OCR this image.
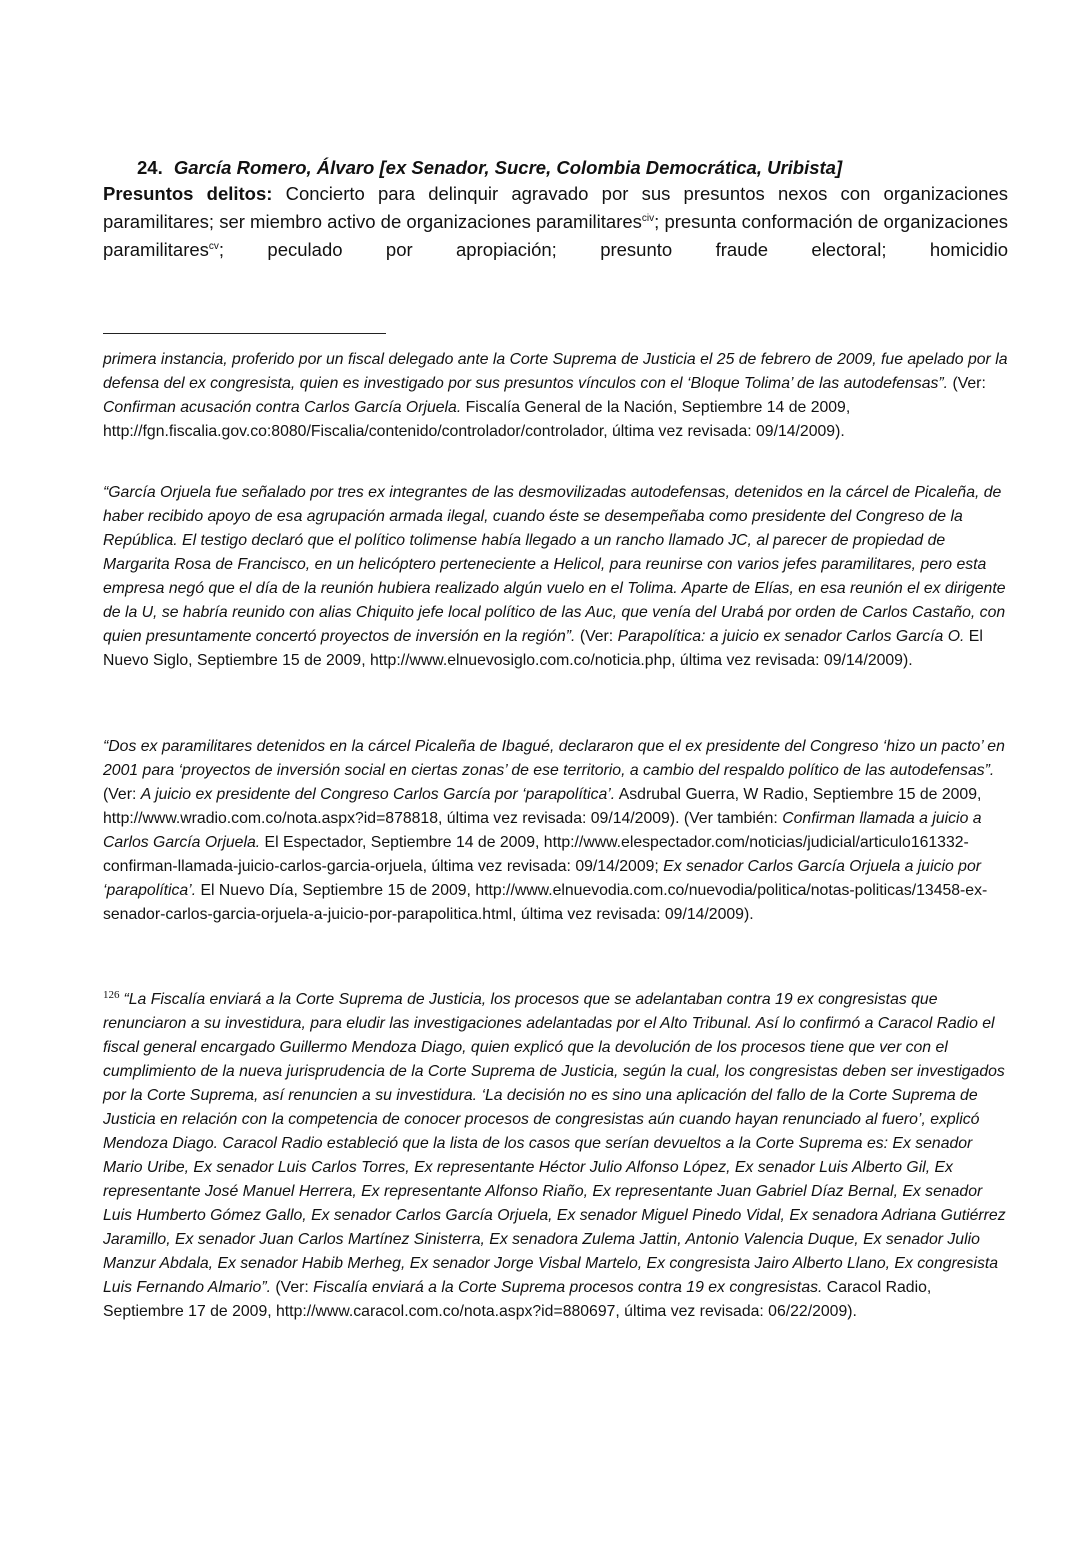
24. García Romero, Álvaro [ex Senador, Sucre, Colombia Democrática, Uribista]
Presuntos delitos: Concierto para delinquir agravado por sus presuntos nexos con organizaciones paramilitares; ser miembro activo de organizaciones paramilitares$^{civ}$; presunta conformación de organizaciones paramilitares$^{cv}$; peculado por apropiación; presunto fraude electoral; homicidio
primera instancia, proferido por un fiscal delegado ante la Corte Suprema de Justicia el 25 de febrero de 2009, fue apelado por la defensa del ex congresista, quien es investigado por sus presuntos vínculos con el ‘Bloque Tolima’ de las autodefensas”. (Ver: Confirman acusación contra Carlos García Orjuela. Fiscalía General de la Nación, Septiembre 14 de 2009, http://fgn.fiscalia.gov.co:8080/Fiscalia/contenido/controlador/controlador, última vez revisada: 09/14/2009).
“García Orjuela fue señalado por tres ex integrantes de las desmovilizadas autodefensas, detenidos en la cárcel de Picaleña, de haber recibido apoyo de esa agrupación armada ilegal, cuando éste se desempeñaba como presidente del Congreso de la República. El testigo declaró que el político tolimense había llegado a un rancho llamado JC, al parecer de propiedad de Margarita Rosa de Francisco, en un helicóptero perteneciente a Helicol, para reunirse con varios jefes paramilitares, pero esta empresa negó que el día de la reunión hubiera realizado algún vuelo en el Tolima. Aparte de Elías, en esa reunión el ex dirigente de la U, se habría reunido con alias Chiquito jefe local político de las Auc, que venía del Urabá por orden de Carlos Castaño, con quien presuntamente concertó proyectos de inversión en la región”. (Ver: Parapolítica: a juicio ex senador Carlos García O. El Nuevo Siglo, Septiembre 15 de 2009, http://www.elnuevosiglo.com.co/noticia.php, última vez revisada: 09/14/2009).
“Dos ex paramilitares detenidos en la cárcel Picaleña de Ibagué, declararon que el ex presidente del Congreso ‘hizo un pacto’ en 2001 para ‘proyectos de inversión social en ciertas zonas’ de ese territorio, a cambio del respaldo político de las autodefensas”. (Ver: A juicio ex presidente del Congreso Carlos García por ‘parapolítica’. Asdrubal Guerra, W Radio, Septiembre 15 de 2009, http://www.wradio.com.co/nota.aspx?id=878818, última vez revisada: 09/14/2009). (Ver también: Confirman llamada a juicio a Carlos García Orjuela. El Espectador, Septiembre 14 de 2009, http://www.elespectador.com/noticias/judicial/articulo161332-confirman-llamada-juicio-carlos-garcia-orjuela, última vez revisada: 09/14/2009; Ex senador Carlos García Orjuela a juicio por ‘parapolítica’. El Nuevo Día, Septiembre 15 de 2009, http://www.elnuevodia.com.co/nuevodia/politica/notas-politicas/13458-ex-senador-carlos-garcia-orjuela-a-juicio-por-parapolitica.html, última vez revisada: 09/14/2009).
$^{126}$ “La Fiscalía enviará a la Corte Suprema de Justicia, los procesos que se adelantaban contra 19 ex congresistas que renunciaron a su investidura, para eludir las investigaciones adelantadas por el Alto Tribunal. Así lo confirmó a Caracol Radio el fiscal general encargado Guillermo Mendoza Diago, quien explicó que la devolución de los procesos tiene que ver con el cumplimiento de la nueva jurisprudencia de la Corte Suprema de Justicia, según la cual, los congresistas deben ser investigados por la Corte Suprema, así renuncien a su investidura. ‘La decisión no es sino una aplicación del fallo de la Corte Suprema de Justicia en relación con la competencia de conocer procesos de congresistas aún cuando hayan renunciado al fuero’, explicó Mendoza Diago. Caracol Radio estableció que la lista de los casos que serían devueltos a la Corte Suprema es: Ex senador Mario Uribe, Ex senador Luis Carlos Torres, Ex representante Héctor Julio Alfonso López, Ex senador Luis Alberto Gil, Ex representante José Manuel Herrera, Ex representante Alfonso Riaño, Ex representante Juan Gabriel Díaz Bernal, Ex senador Luis Humberto Gómez Gallo, Ex senador Carlos García Orjuela, Ex senador Miguel Pinedo Vidal, Ex senadora Adriana Gutiérrez Jaramillo, Ex senador Juan Carlos Martínez Sinisterra, Ex senadora Zulema Jattin, Antonio Valencia Duque, Ex senador Julio Manzur Abdala, Ex senador Habib Merheg, Ex senador Jorge Visbal Martelo, Ex congresista Jairo Alberto Llano, Ex congresista Luis Fernando Almario”. (Ver: Fiscalía enviará a la Corte Suprema procesos contra 19 ex congresistas. Caracol Radio, Septiembre 17 de 2009, http://www.caracol.com.co/nota.aspx?id=880697, última vez revisada: 06/22/2009).
